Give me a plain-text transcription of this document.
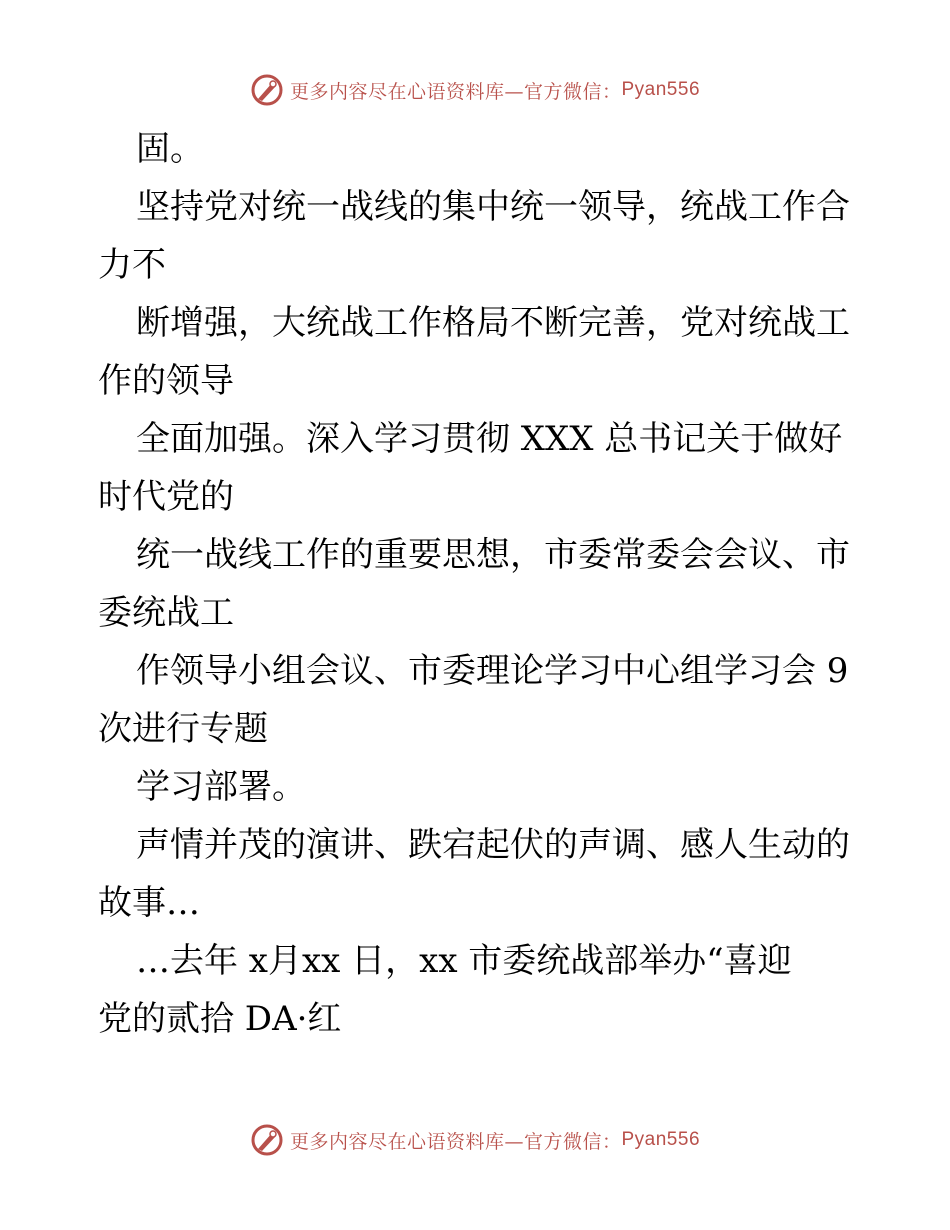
更多内容尽在心语资料库—官方微信： Pyan556
固。
坚持党对统一战线的集中统一领导，统战工作合
力不
断增强，大统战工作格局不断完善，党对统战工
作的领导
全面加强。深入学习贯彻 XXX 总书记关于做好
时代党的
统一战线工作的重要思想，市委常委会会议、市
委统战工
作领导小组会议、市委理论学习中心组学习会 9
次进行专题
学习部署。
声情并茂的演讲、跌宕起伏的声调、感人生动的
故事…
…去年 x月xx 日，xx 市委统战部举办“喜迎
党的贰拾 DA·红
更多内容尽在心语资料库—官方微信： Pyan556
